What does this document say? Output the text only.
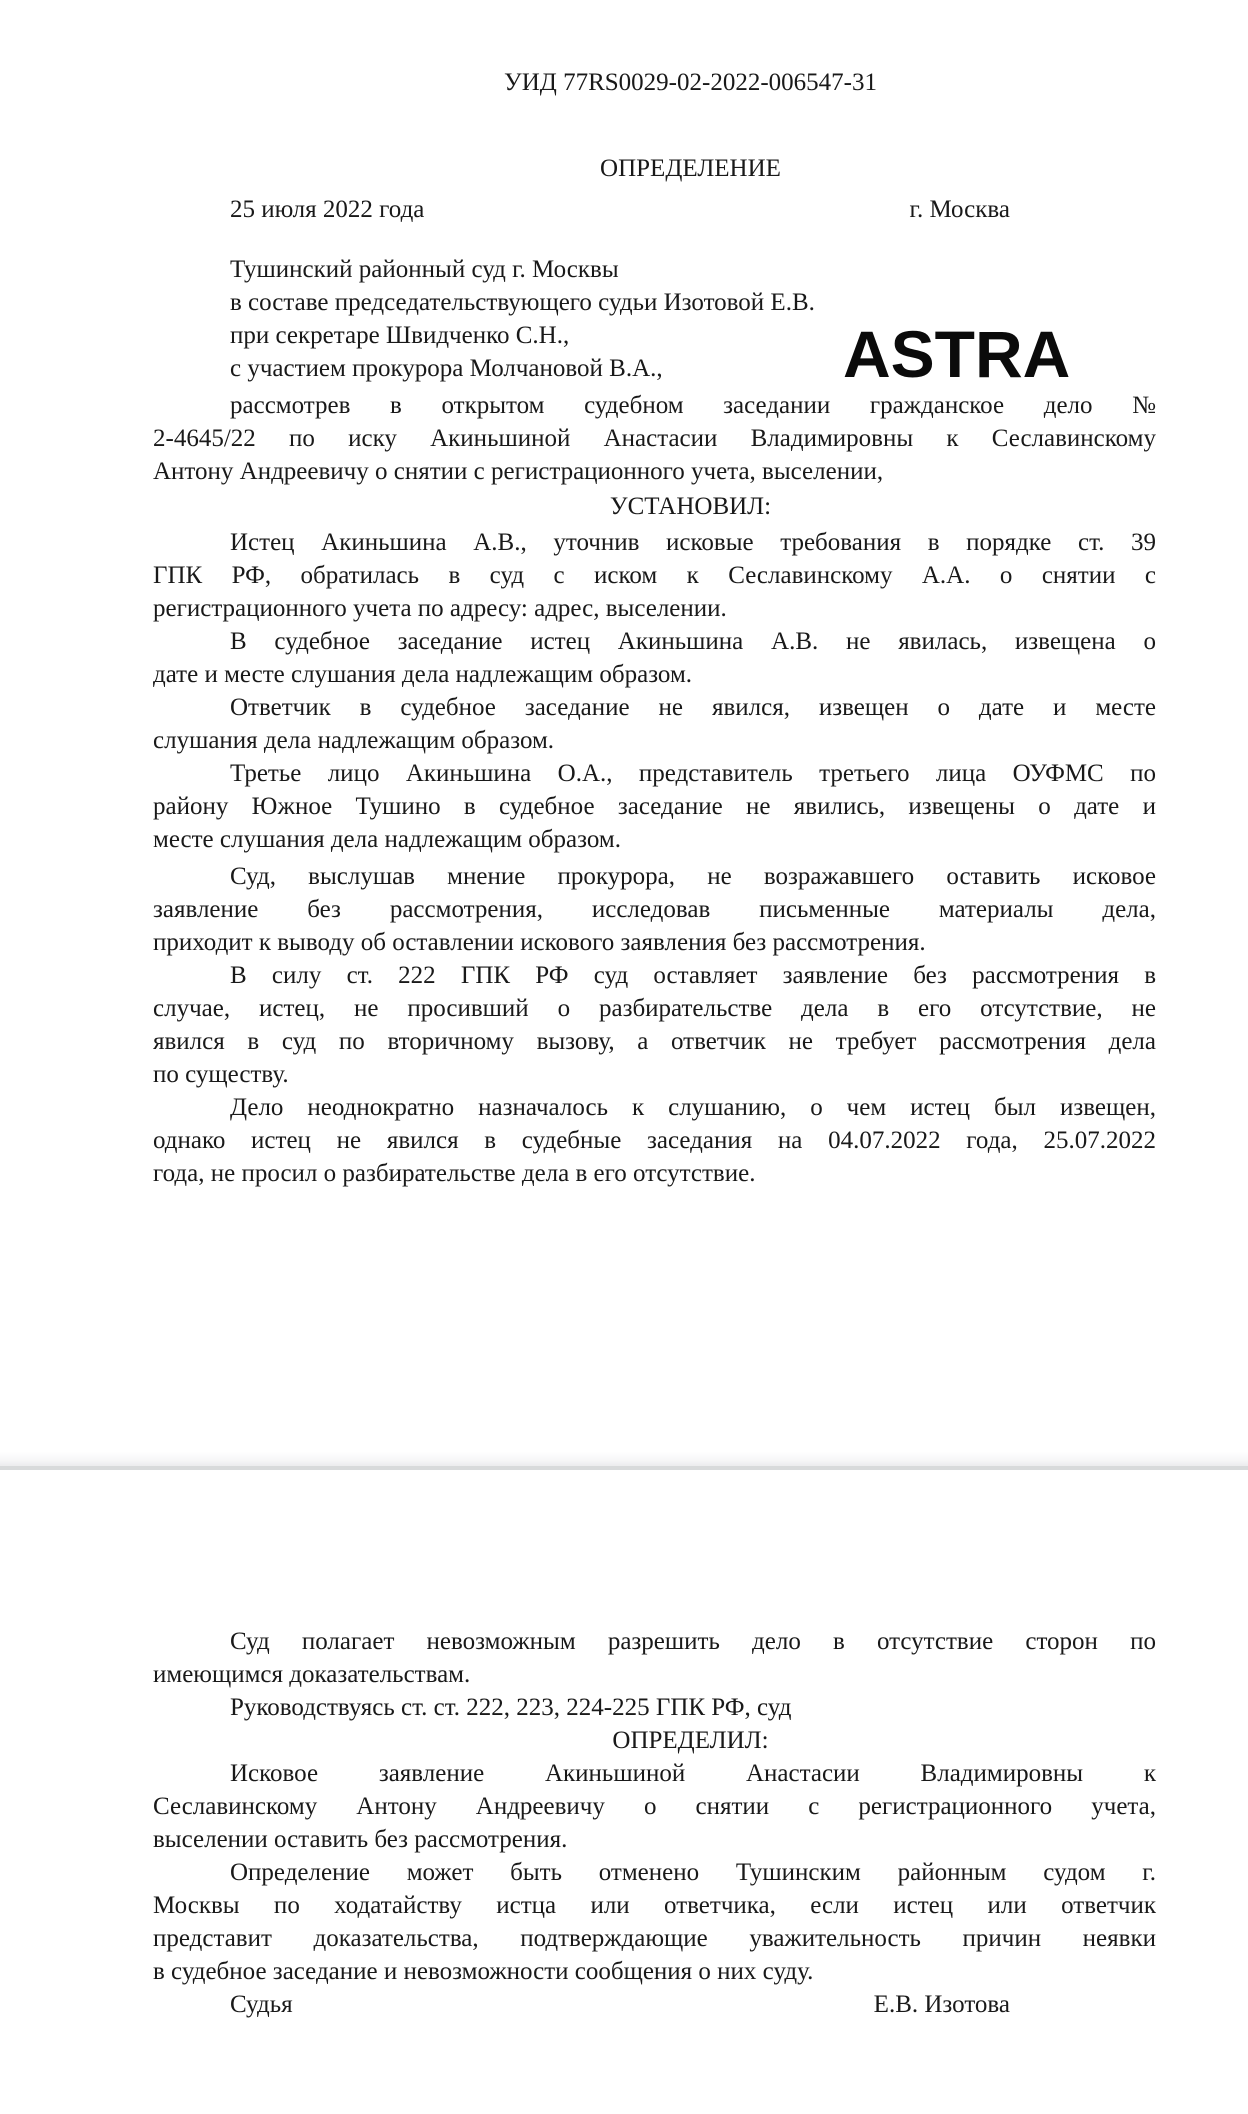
УИД 77RS0029-02-2022-006547-31
ОПРЕДЕЛЕНИЕ
25 июля 2022 года	г. Москва
Тушинский районный суд г. Москвы
в составе председательствующего судьи Изотовой Е.В.
при секретаре Швидченко С.Н.,
с участием прокурора Молчановой В.А.,
рассмотрев в открытом судебном заседании гражданское дело №
2-4645/22 по иску Акиньшиной Анастасии Владимировны к Сеславинскому
Антону Андреевичу о снятии с регистрационного учета, выселении,
УСТАНОВИЛ:
Истец Акиньшина А.В., уточнив исковые требования в порядке ст. 39
ГПК РФ, обратилась в суд с иском к Сеславинскому А.А. о снятии с
регистрационного учета по адресу: адрес, выселении.
В судебное заседание истец Акиньшина А.В. не явилась, извещена о
дате и месте слушания дела надлежащим образом.
Ответчик в судебное заседание не явился, извещен о дате и месте
слушания дела надлежащим образом.
Третье лицо Акиньшина О.А., представитель третьего лица ОУФМС по
району Южное Тушино в судебное заседание не явились, извещены о дате и
месте слушания дела надлежащим образом.
Суд, выслушав мнение прокурора, не возражавшего оставить исковое
заявление без рассмотрения, исследовав письменные материалы дела,
приходит к выводу об оставлении искового заявления без рассмотрения.
В силу ст. 222 ГПК РФ суд оставляет заявление без рассмотрения в
случае, истец, не просивший о разбирательстве дела в его отсутствие, не
явился в суд по вторичному вызову, а ответчик не требует рассмотрения дела
по существу.
Дело неоднократно назначалось к слушанию, о чем истец был извещен,
однако истец не явился в судебные заседания на 04.07.2022 года, 25.07.2022
года, не просил о разбирательстве дела в его отсутствие.
Суд полагает невозможным разрешить дело в отсутствие сторон по
имеющимся доказательствам.
Руководствуясь ст. ст. 222, 223, 224-225 ГПК РФ, суд
ОПРЕДЕЛИЛ:
Исковое заявление Акиньшиной Анастасии Владимировны к
Сеславинскому Антону Андреевичу о снятии с регистрационного учета,
выселении оставить без рассмотрения.
Определение может быть отменено Тушинским районным судом г.
Москвы по ходатайству истца или ответчика, если истец или ответчик
представит доказательства, подтверждающие уважительность причин неявки
в судебное заседание и невозможности сообщения о них суду.
Судья	Е.В. Изотова
ASTRA
